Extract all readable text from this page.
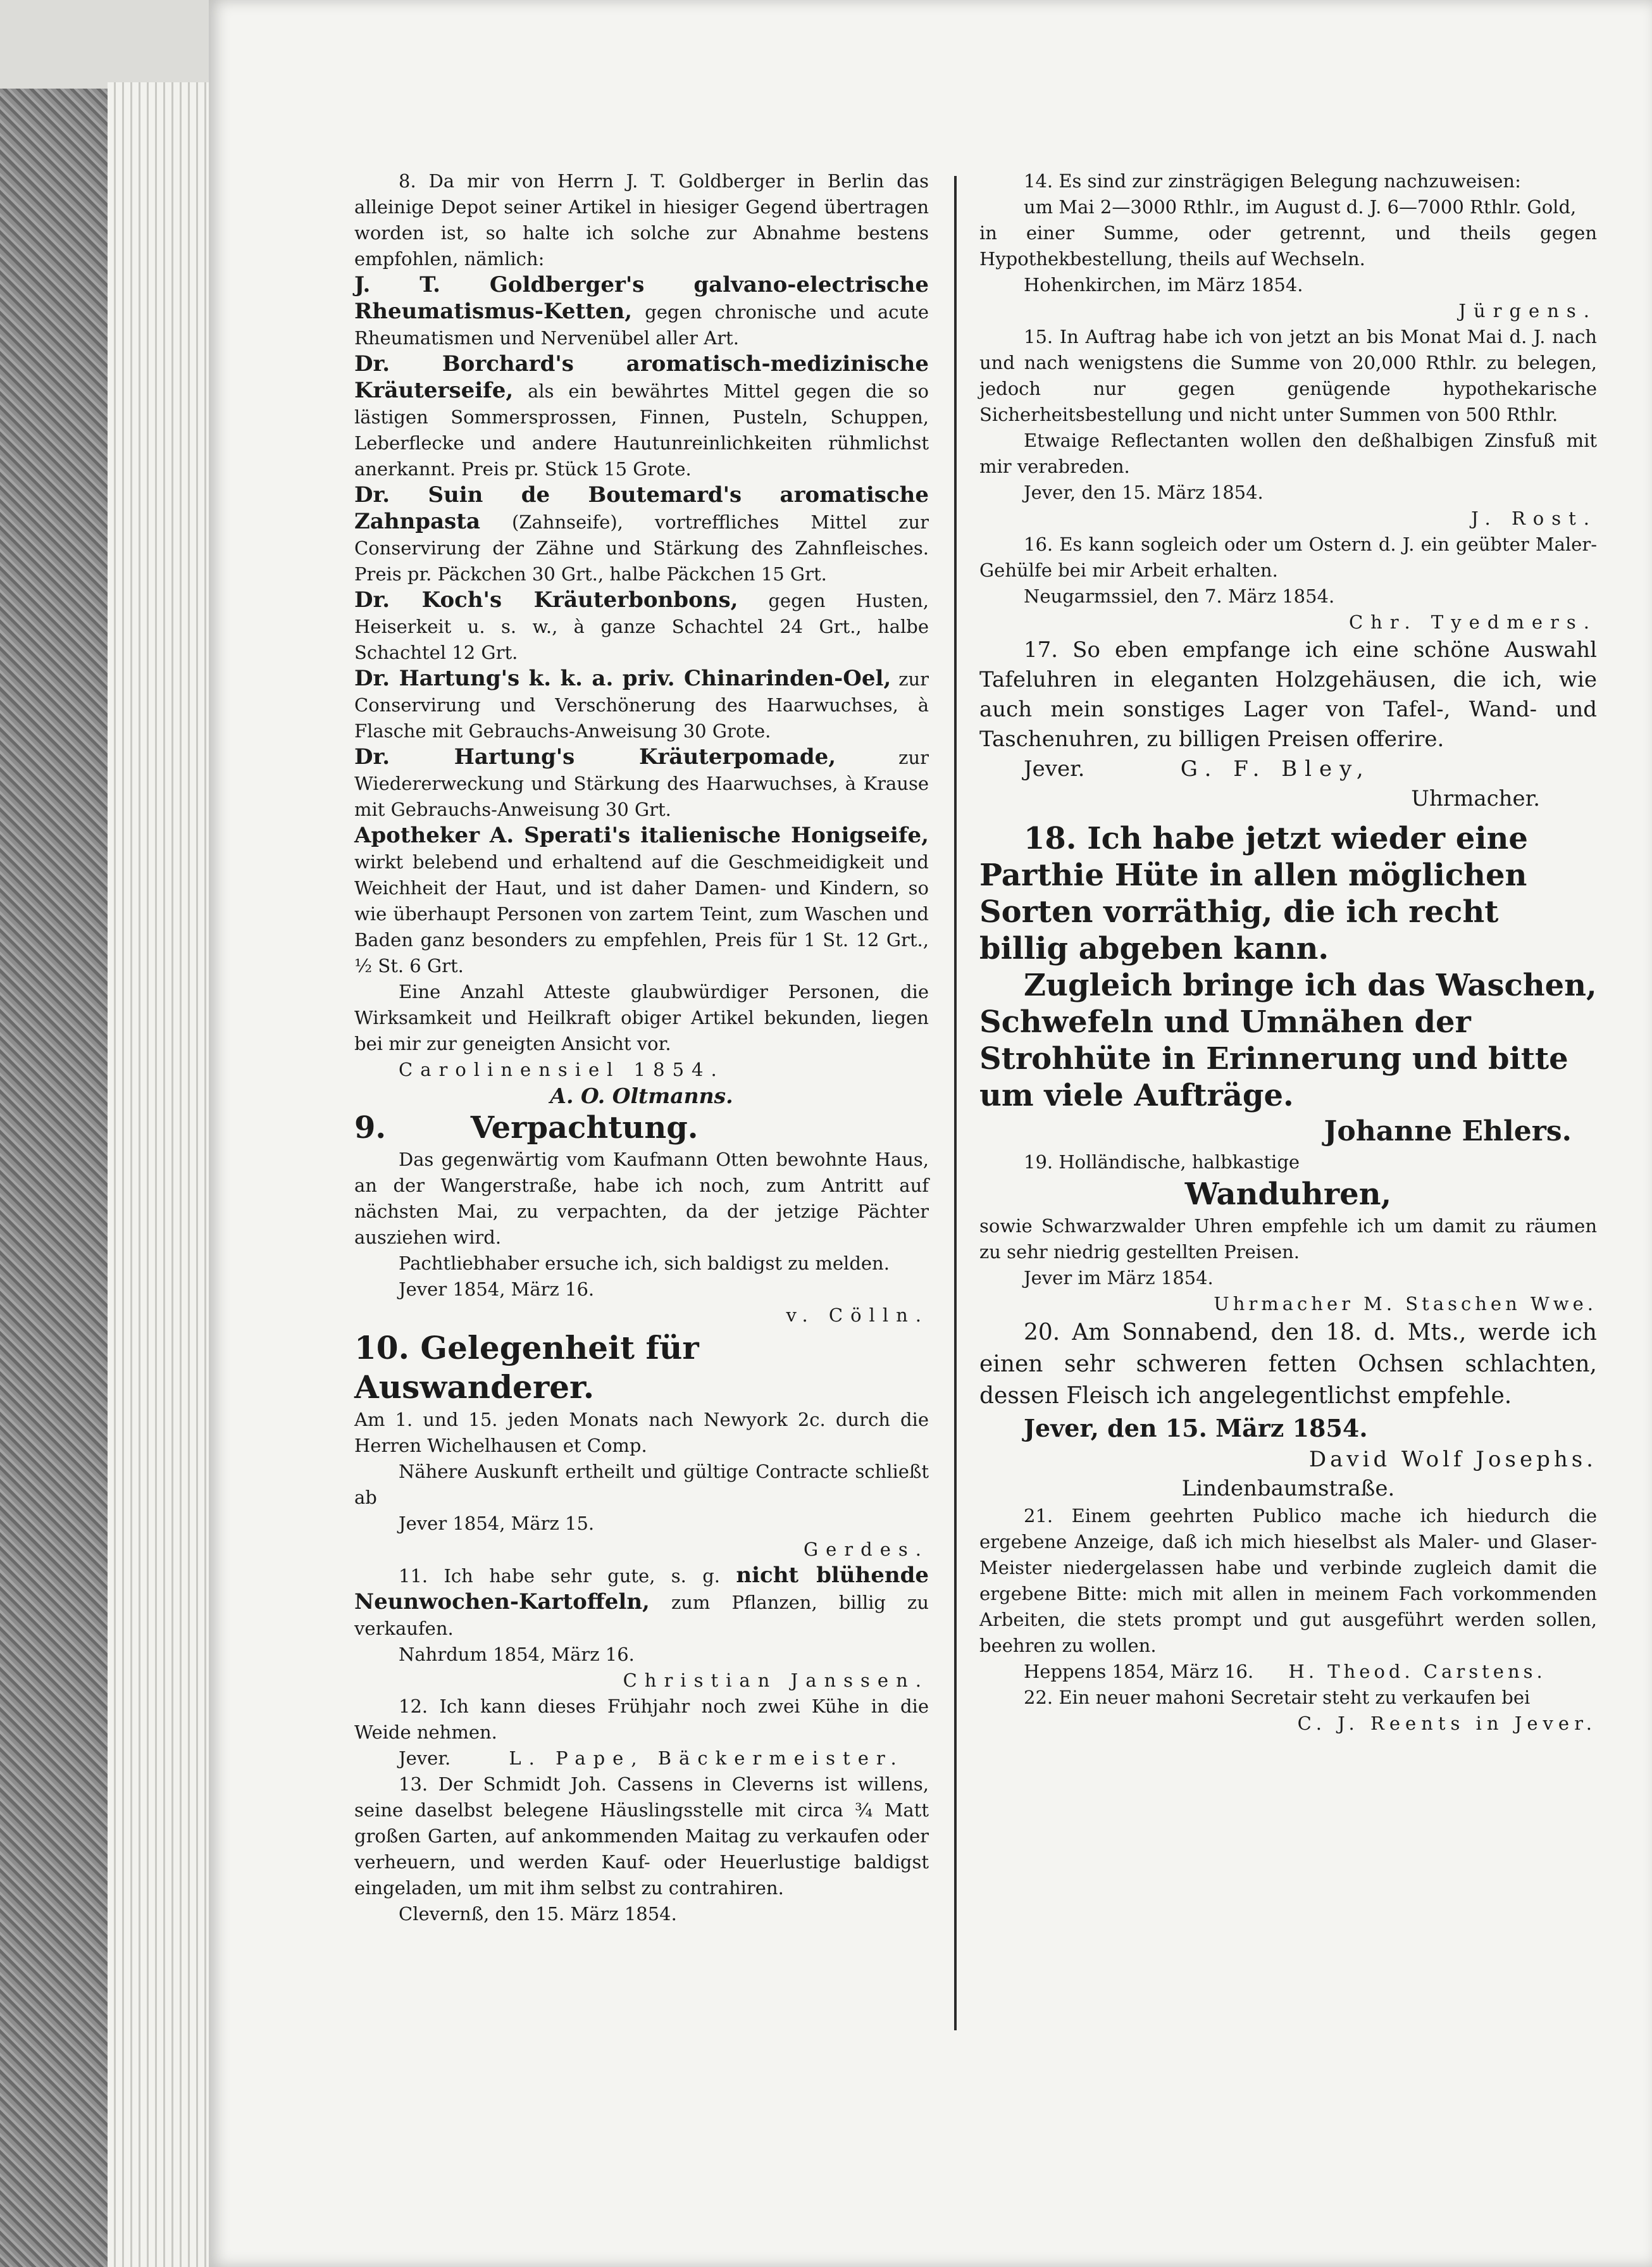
8. Da mir von Herrn J. T. Goldberger in Berlin das alleinige Depot seiner Artikel in hiesiger Gegend übertragen worden ist, so halte ich solche zur Abnahme bestens empfohlen, nämlich:

J. T. Goldberger's galvano-electrische Rheumatismus-Ketten, gegen chronische und acute Rheumatismen und Nervenübel aller Art.

Dr. Borchard's aromatisch-medizinische Kräuterseife, als ein bewährtes Mittel gegen die so lästigen Sommersprossen, Finnen, Pusteln, Schuppen, Leberflecke und andere Hautunreinlichkeiten rühmlichst anerkannt. Preis pr. Stück 15 Grote.

Dr. Suin de Boutemard's aromatische Zahnpasta (Zahnseife), vortreffliches Mittel zur Conservirung der Zähne und Stärkung des Zahnfleisches. Preis pr. Päckchen 30 Grt., halbe Päckchen 15 Grt.

Dr. Koch's Kräuterbonbons, gegen Husten, Heiserkeit u. s. w., à ganze Schachtel 24 Grt., halbe Schachtel 12 Grt.

Dr. Hartung's k. k. a. priv. Chinarinden-Oel, zur Conservirung und Verschönerung des Haarwuchses, à Flasche mit Gebrauchs-Anweisung 30 Grote.

Dr. Hartung's Kräuterpomade,	zur Wiedererweckung und Stärkung des Haarwuchses, à Krause mit Gebrauchs-Anweisung 30 Grt.

Apotheker A. Sperati's italienische Honigseife, wirkt belebend und erhaltend auf die Geschmeidigkeit und Weichheit der Haut, und ist daher Damen- und Kindern, so wie überhaupt Personen von zartem Teint, zum Waschen und Baden ganz besonders zu empfehlen, Preis für 1 St. 12 Grt., ½ St. 6 Grt.

Eine Anzahl Atteste glaubwürdiger Personen, die Wirksamkeit und Heilkraft obiger Artikel bekunden, liegen bei mir zur geneigten Ansicht vor.

Carolinensiel 1854.

A. O. Oltmanns.

9.	Verpachtung.

Das gegenwärtig vom Kaufmann Otten bewohnte Haus, an der Wangerstraße, habe ich noch, zum Antritt auf nächsten Mai, zu verpachten, da der jetzige Pächter ausziehen wird.

Pachtliebhaber ersuche ich, sich baldigst zu melden.

Jever 1854, März 16.

v. Cölln.

10. Gelegenheit für Auswanderer.

Am 1. und 15. jeden Monats nach Newyork 2c. durch die Herren Wichelhausen et Comp.

Nähere Auskunft ertheilt und gültige Contracte schließt ab

Jever 1854, März 15.

Gerdes.

11. Ich habe sehr gute, s. g. nicht blühende Neunwochen-Kartoffeln, zum Pflanzen, billig zu verkaufen.

Nahrdum 1854, März 16.

Christian Janssen.

12. Ich kann dieses Frühjahr noch zwei Kühe in die Weide nehmen.

Jever.	L. Pape, Bäckermeister.

13. Der Schmidt Joh. Cassens in Cleverns ist willens, seine daselbst belegene Häuslingsstelle mit circa ¾ Matt großen Garten, auf ankommenden Maitag zu verkaufen oder verheuern, und werden Kauf- oder Heuerlustige baldigst eingeladen, um mit ihm selbst zu contrahiren.

Clevernß, den 15. März 1854.

14. Es sind zur zinsträgigen Belegung nachzuweisen:

um Mai 2—3000 Rthlr., im August d. J. 6—7000 Rthlr. Gold,

in einer Summe, oder getrennt, und theils gegen Hypothekbestellung, theils auf Wechseln.

Hohenkirchen, im März 1854.

Jürgens.

15. In Auftrag habe ich von jetzt an bis Monat Mai d. J. nach und nach wenigstens die Summe von 20,000 Rthlr. zu belegen, jedoch nur gegen genügende hypothekarische Sicherheitsbestellung und nicht unter Summen von 500 Rthlr.

Etwaige Reflectanten wollen den deßhalbigen Zinsfuß mit mir verabreden.

Jever, den 15. März 1854.

J. Rost.

16. Es kann sogleich oder um Ostern d. J. ein geübter Maler-Gehülfe bei mir Arbeit erhalten.

Neugarmssiel, den 7. März 1854.

Chr. Tyedmers.

17. So eben empfange ich eine schöne Auswahl Tafeluhren in eleganten Holzgehäusen, die ich, wie auch mein sonstiges Lager von Tafel-, Wand- und Taschenuhren, zu billigen Preisen offerire.

Jever.	G. F. Bley,

Uhrmacher.

18. Ich habe jetzt wieder eine Parthie Hüte in allen möglichen Sorten vorräthig, die ich recht billig abgeben kann.

Zugleich bringe ich das Waschen, Schwefeln und Umnähen der Strohhüte in Erinnerung und bitte um viele Aufträge.

Johanne Ehlers.

19. Holländische, halbkastige

Wanduhren,

sowie Schwarzwalder Uhren empfehle ich um damit zu räumen zu sehr niedrig gestellten Preisen.

Jever im März 1854.

Uhrmacher M. Staschen Wwe.

20. Am Sonnabend, den 18. d. Mts., werde ich einen sehr schweren fetten Ochsen schlachten, dessen Fleisch ich angelegentlichst empfehle.

Jever, den 15. März 1854.

David Wolf Josephs.

Lindenbaumstraße.

21. Einem geehrten Publico mache ich hiedurch die ergebene Anzeige, daß ich mich hieselbst als Maler- und Glaser-Meister niedergelassen habe und verbinde zugleich damit die ergebene Bitte: mich mit allen in meinem Fach vorkommenden Arbeiten, die stets prompt und gut ausgeführt werden sollen, beehren zu wollen.

Heppens 1854, März 16. H. Theod. Carstens.

22. Ein neuer mahoni Secretair steht zu verkaufen bei

C. J. Reents in Jever.
